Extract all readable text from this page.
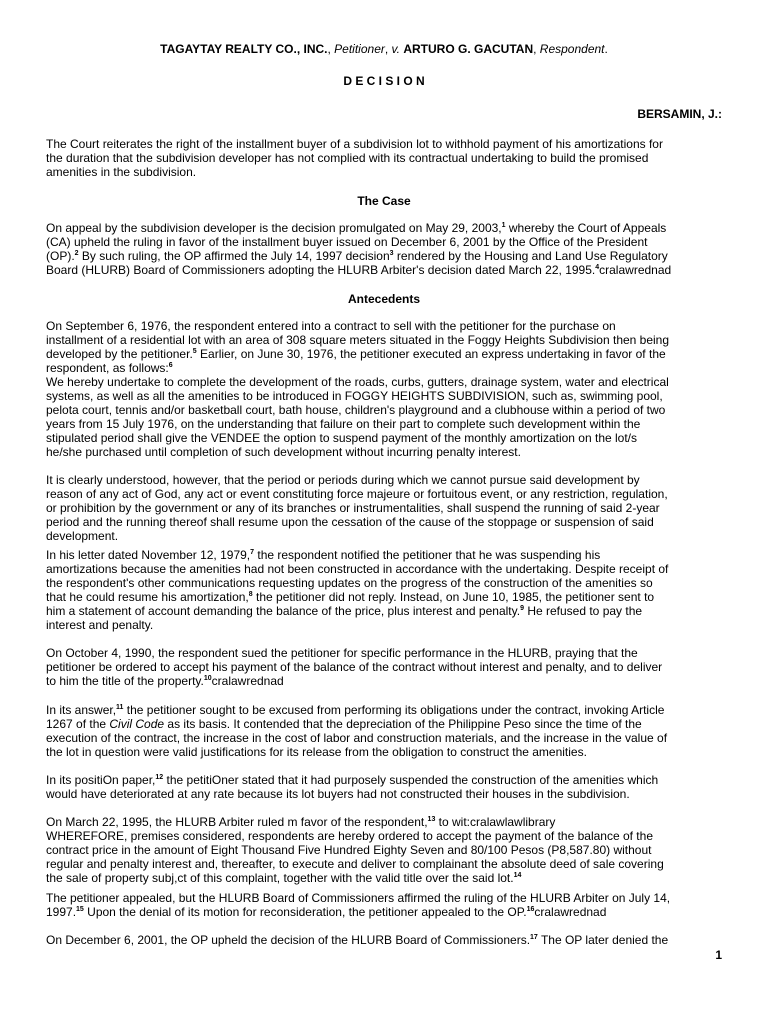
TAGAYTAY REALTY CO., INC., Petitioner, v. ARTURO G. GACUTAN, Respondent.
D E C I S I O N
BERSAMIN, J.:
The Court reiterates the right of the installment buyer of a subdivision lot to withhold payment of his amortizations for
the duration that the subdivision developer has not complied with its contractual undertaking to build the promised
amenities in the subdivision.
The Case
On appeal by the subdivision developer is the decision promulgated on May 29, 2003,$^1$ whereby the Court of Appeals
(CA) upheld the ruling in favor of the installment buyer issued on December 6, 2001 by the Office of the President
(OP).$^2$ By such ruling, the OP affirmed the July 14, 1997 decision$^3$ rendered by the Housing and Land Use Regulatory
Board (HLURB) Board of Commissioners adopting the HLURB Arbiter's decision dated March 22, 1995.$^4$cralawrednad
Antecedents
On September 6, 1976, the respondent entered into a contract to sell with the petitioner for the purchase on
installment of a residential lot with an area of 308 square meters situated in the Foggy Heights Subdivision then being
developed by the petitioner.$^5$ Earlier, on June 30, 1976, the petitioner executed an express undertaking in favor of the
respondent, as follows:$^6$
We hereby undertake to complete the development of the roads, curbs, gutters, drainage system, water and electrical
systems, as well as all the amenities to be introduced in FOGGY HEIGHTS SUBDIVISION, such as, swimming pool,
pelota court, tennis and/or basketball court, bath house, children's playground and a clubhouse within a period of two
years from 15 July 1976, on the understanding that failure on their part to complete such development within the
stipulated period shall give the VENDEE the option to suspend payment of the monthly amortization on the lot/s
he/she purchased until completion of such development without incurring penalty interest.
It is clearly understood, however, that the period or periods during which we cannot pursue said development by
reason of any act of God, any act or event constituting force majeure or fortuitous event, or any restriction, regulation,
or prohibition by the government or any of its branches or instrumentalities, shall suspend the running of said 2-year
period and the running thereof shall resume upon the cessation of the cause of the stoppage or suspension of said
development.
In his letter dated November 12, 1979,$^7$ the respondent notified the petitioner that he was suspending his
amortizations because the amenities had not been constructed in accordance with the undertaking. Despite receipt of
the respondent's other communications requesting updates on the progress of the construction of the amenities so
that he could resume his amortization,$^8$ the petitioner did not reply. Instead, on June 10, 1985, the petitioner sent to
him a statement of account demanding the balance of the price, plus interest and penalty.$^9$ He refused to pay the
interest and penalty.
On October 4, 1990, the respondent sued the petitioner for specific performance in the HLURB, praying that the
petitioner be ordered to accept his payment of the balance of the contract without interest and penalty, and to deliver
to him the title of the property.$^{10}$cralawrednad
In its answer,$^{11}$ the petitioner sought to be excused from performing its obligations under the contract, invoking Article
1267 of the Civil Code as its basis. It contended that the depreciation of the Philippine Peso since the time of the
execution of the contract, the increase in the cost of labor and construction materials, and the increase in the value of
the lot in question were valid justifications for its release from the obligation to construct the amenities.
In its positiOn paper,$^{12}$ the petitiOner stated that it had purposely suspended the construction of the amenities which
would have deteriorated at any rate because its lot buyers had not constructed their houses in the subdivision.
On March 22, 1995, the HLURB Arbiter ruled m favor of the respondent,$^{13}$ to wit:cralawlawlibrary
WHEREFORE, premises considered, respondents are hereby ordered to accept the payment of the balance of the
contract price in the amount of Eight Thousand Five Hundred Eighty Seven and 80/100 Pesos (P8,587.80) without
regular and penalty interest and, thereafter, to execute and deliver to complainant the absolute deed of sale covering
the sale of property subj,ct of this complaint, together with the valid title over the said lot.$^{14}$
The petitioner appealed, but the HLURB Board of Commissioners affirmed the ruling of the HLURB Arbiter on July 14,
1997.15 Upon the denial of its motion for reconsideration, the petitioner appealed to the OP.$^{16}$cralawrednad
On December 6, 2001, the OP upheld the decision of the HLURB Board of Commissioners.$^{17}$ The OP later denied the
1
